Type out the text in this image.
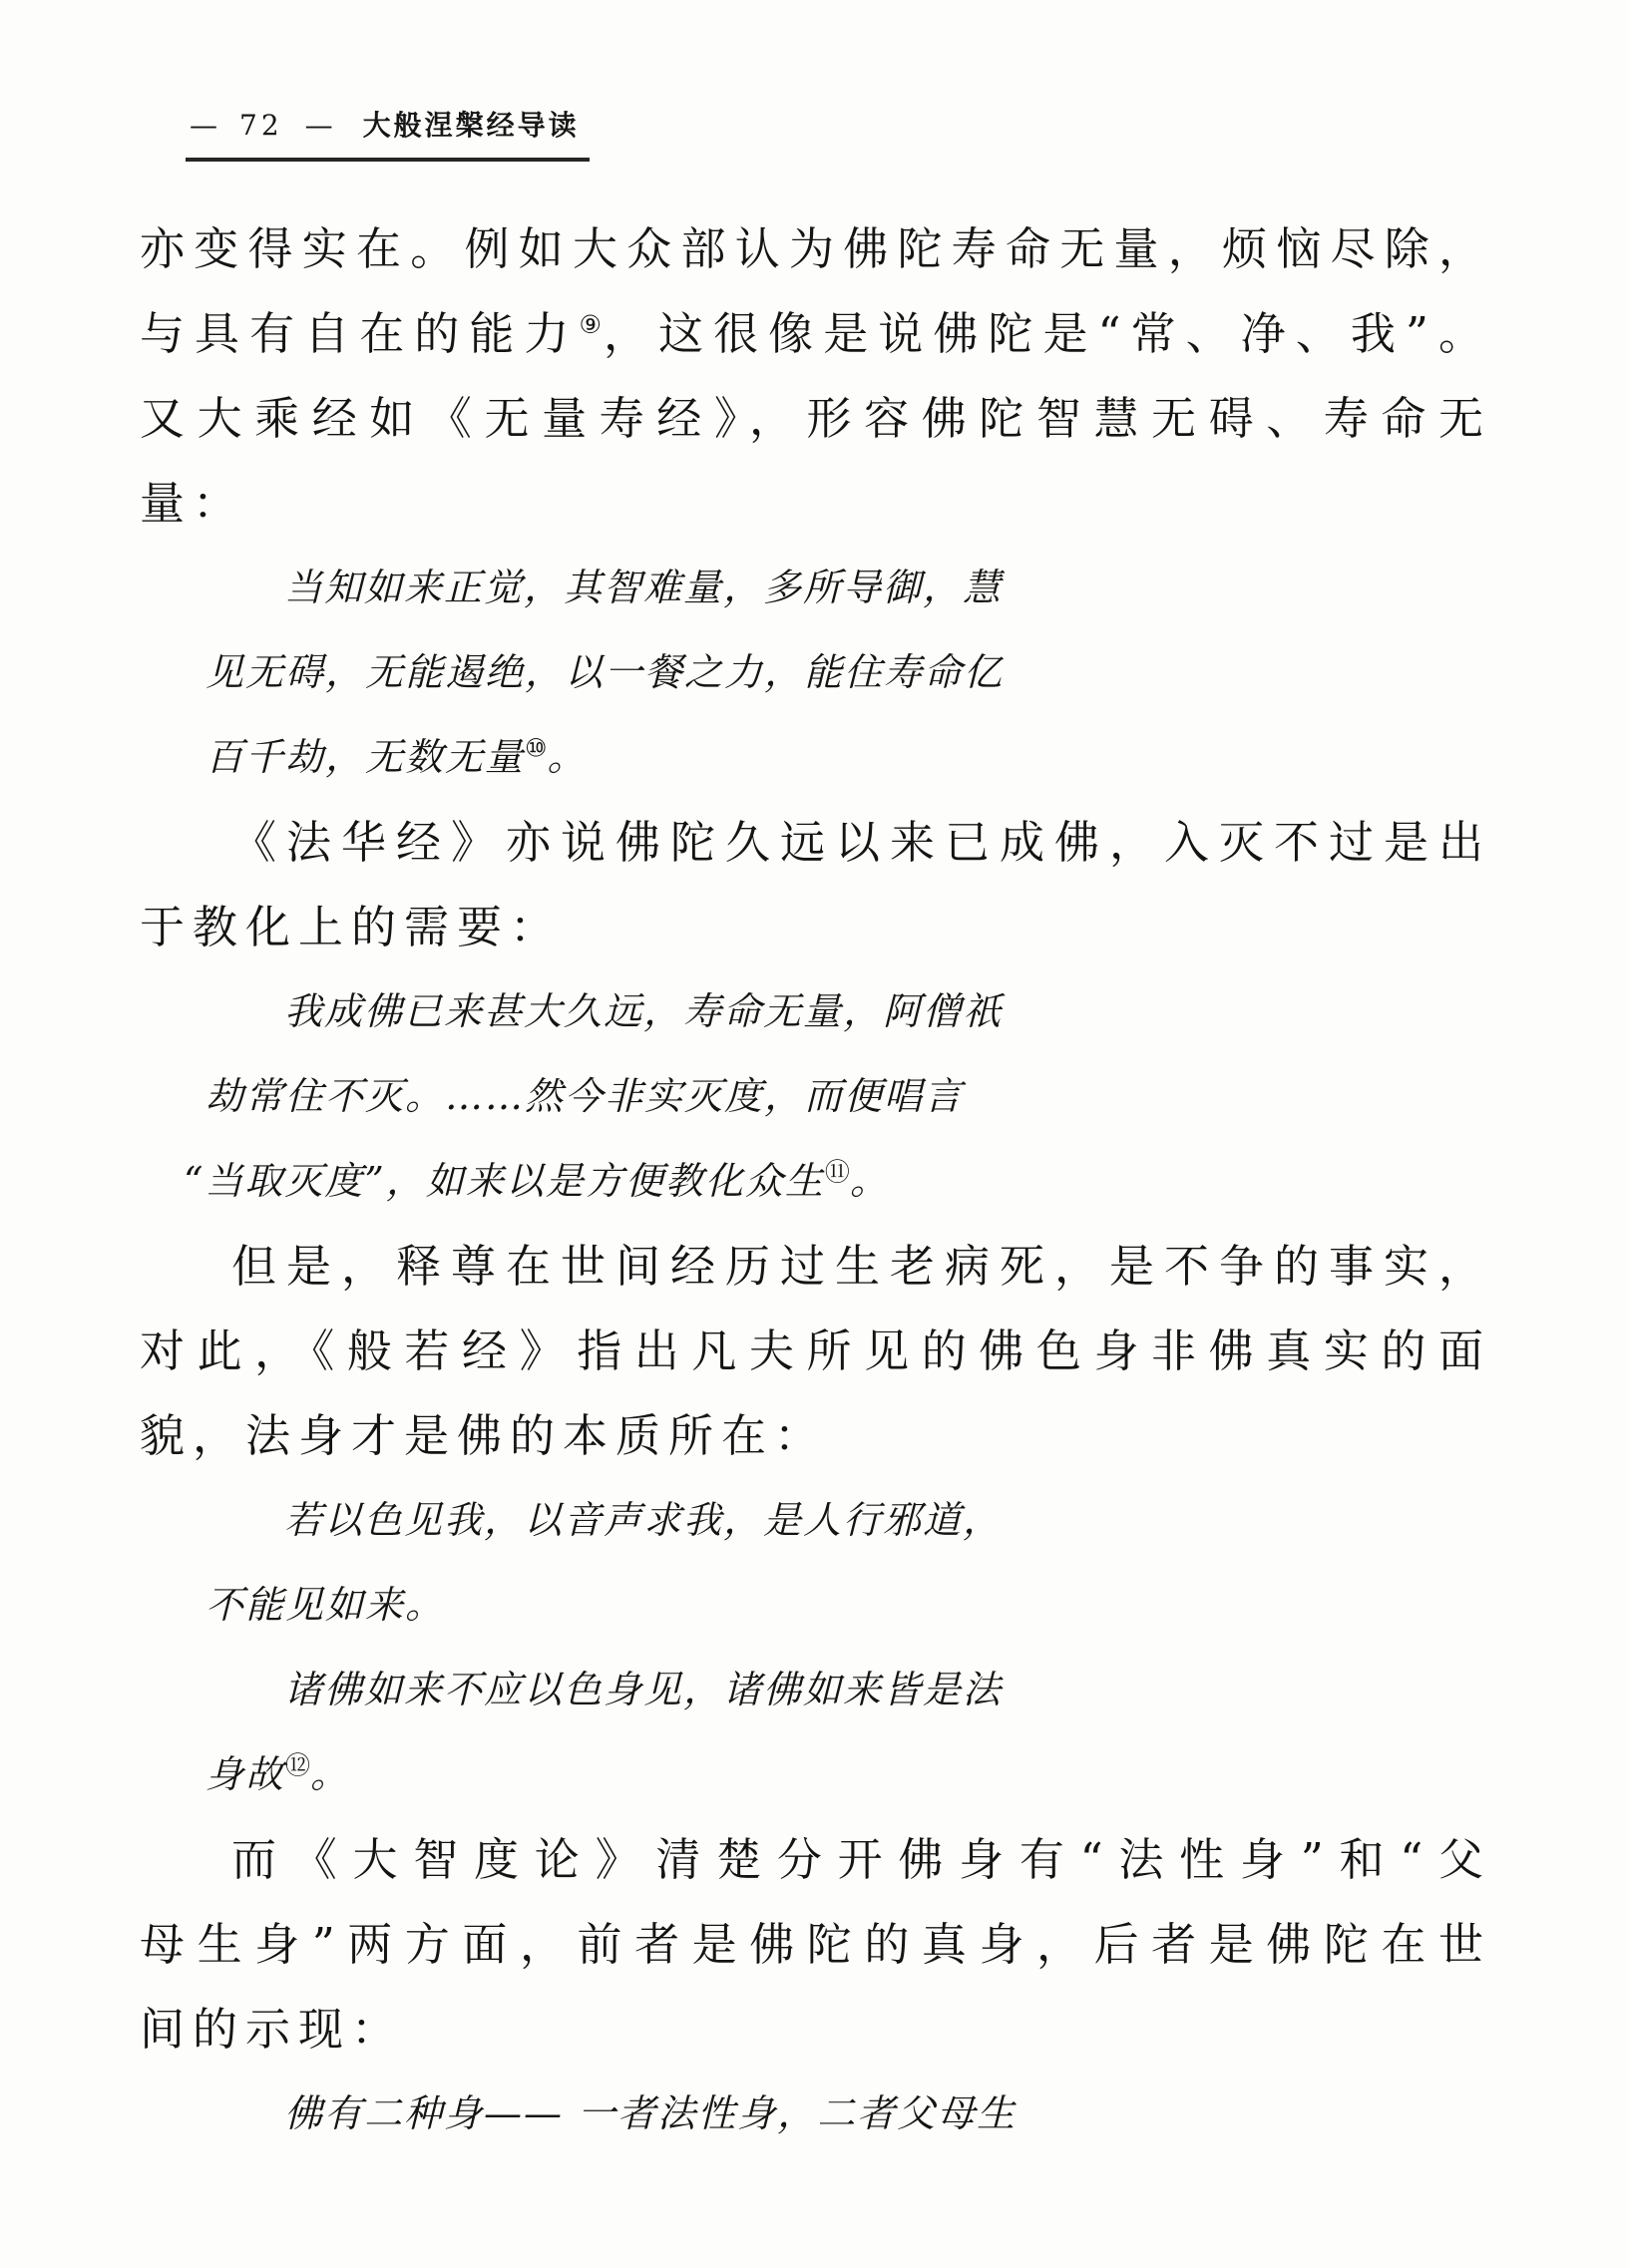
— 72 — 大般涅槃经导读
亦变得实在。例如大众部认为佛陀寿命无量，烦恼尽除，
与具有自在的能力⑨，这很像是说佛陀是“常、净、我”。
又大乘经如《无量寿经》，形容佛陀智慧无碍、寿命无
量：
当知如来正觉，其智难量，多所导御，慧
见无碍，无能遏绝，以一餐之力，能住寿命亿
百千劫，无数无量⑩。
《法华经》亦说佛陀久远以来已成佛，入灭不过是出
于教化上的需要：
我成佛已来甚大久远，寿命无量，阿僧祇
劫常住不灭。……然今非实灭度，而便唱言
“当取灭度”，如来以是方便教化众生⑪。
但是，释尊在世间经历过生老病死，是不争的事实，
对此，《般若经》指出凡夫所见的佛色身非佛真实的面
貌，法身才是佛的本质所在：
若以色见我，以音声求我，是人行邪道，
不能见如来。
诸佛如来不应以色身见，诸佛如来皆是法
身故⑫。
而《大智度论》清楚分开佛身有“法性身”和“父
母生身”两方面，前者是佛陀的真身，后者是佛陀在世
间的示现：
佛有二种身—— 一者法性身，二者父母生
